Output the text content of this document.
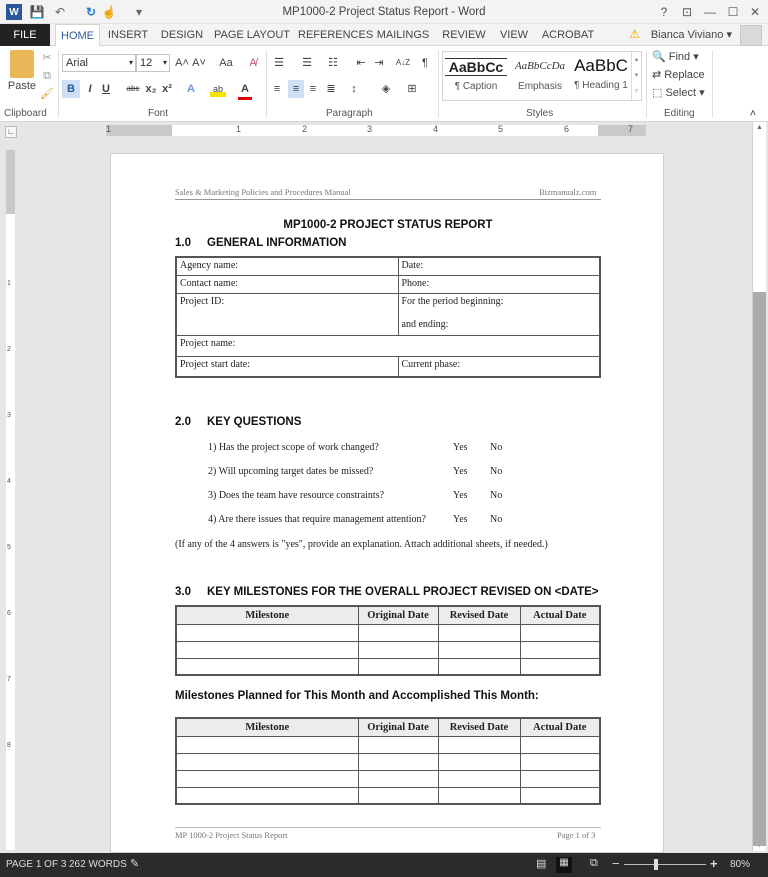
W 💾 ↶ ↻ ☝	▾	MP1000-2 Project Status Report - Word	?	⊡ — ☐ ✕
FILE	HOME	INSERT	DESIGN PAGE LAYOUT REFERENCES MAILINGS REVIEW	VIEW	ACROBAT	⚠ Bianca Viviano ▾
Paste
✂
⧉
🖌
Clipboard
Arial	▾ 12 ▾ A˄ A˅	Aa	A̸
B	I U	abc x₂ x² A	ab A
Font
☰	☰	☷	⇤ ⇥ A↓Z	¶
≡	≡ ≡ ≣	↕	◈	⊞
Paragraph
AaBbCc
¶ Caption
AaBbCcDa
Emphasis
AaBbC
¶ Heading 1
▴
▾
▿
Styles
🔍 Find ▾
⇄ Replace
⬚ Select ▾
Editing	˄
∟	1	1	2	3	4	5	6	7
1
2
3
4
5
6
7
8
Sales & Marketing Policies and Procedures Manual	Bizmanualz.com
MP1000-2 PROJECT STATUS REPORT
1.0 GENERAL INFORMATION
Agency name:	Date:
Contact name:	Phone:
Project ID:	For the period beginning:
and ending:

Project name:	
Project start date:	Current phase:
2.0 KEY QUESTIONS
1) Has the project scope of work changed?	Yes No
2) Will upcoming target dates be missed?	Yes No
3) Does the team have resource constraints?	Yes No
4) Are there issues that require management attention?	Yes No
(If any of the 4 answers is "yes", provide an explanation. Attach additional sheets, if needed.)
3.0 KEY MILESTONES FOR THE OVERALL PROJECT REVISED ON <DATE>
Milestone	Original Date	Revised Date	Actual Date

Milestones Planned for This Month and Accomplished This Month:
Milestone	Original Date	Revised Date	Actual Date

MP 1000-2 Project Status Report	Page 1 of 3
▲
PAGE 1 OF 3 262 WORDS ✎	▤	▦ ⧉ −	+ 80%
